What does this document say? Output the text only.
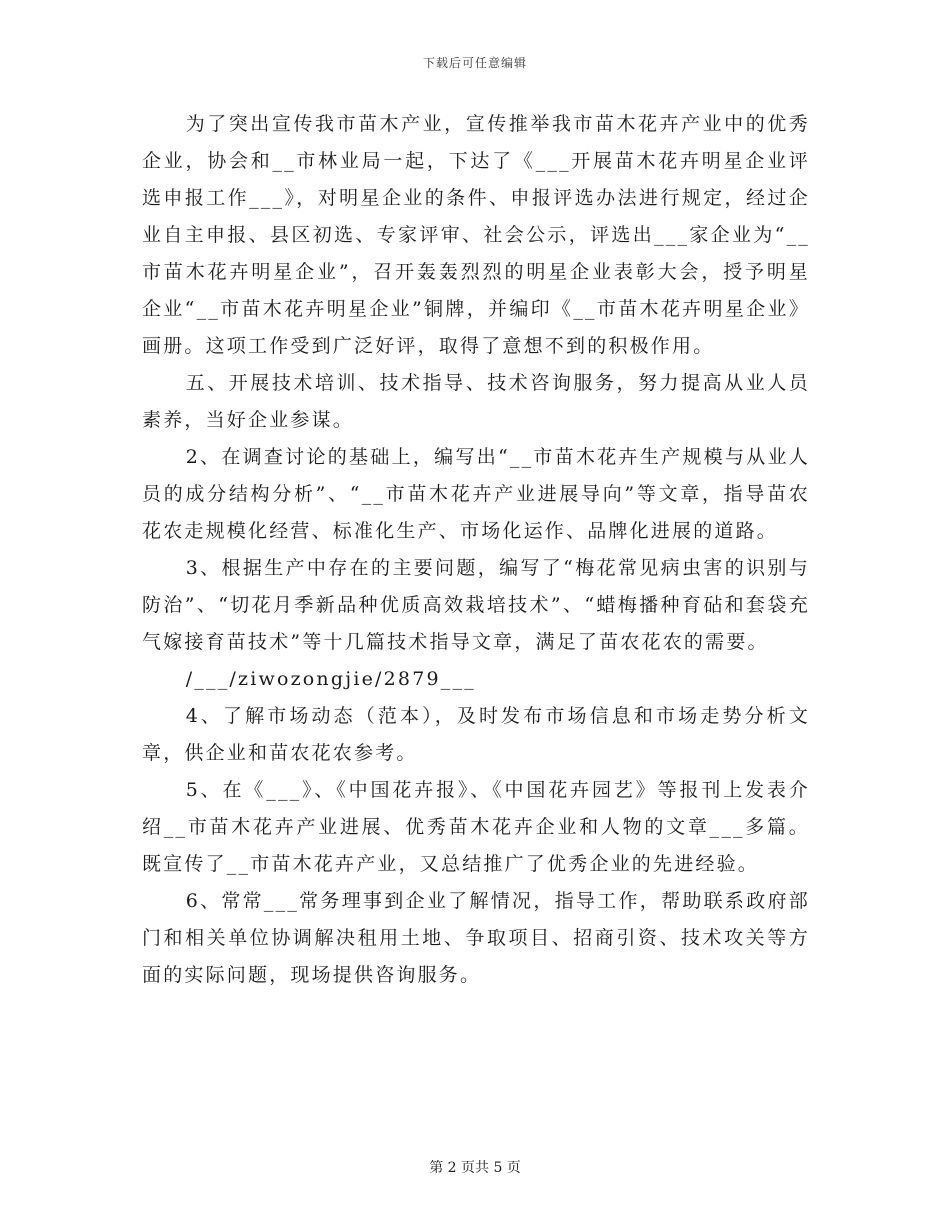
下载后可任意编辑

为了突出宣传我市苗木产业，宣传推举我市苗木花卉产业中的优秀企业，协会和__市林业局一起，下达了《___开展苗木花卉明星企业评选申报工作___》，对明星企业的条件、申报评选办法进行规定，经过企业自主申报、县区初选、专家评审、社会公示，评选出___家企业为“__市苗木花卉明星企业”，召开轰轰烈烈的明星企业表彰大会，授予明星企业“__市苗木花卉明星企业”铜牌，并编印《__市苗木花卉明星企业》画册。这项工作受到广泛好评，取得了意想不到的积极作用。

五、开展技术培训、技术指导、技术咨询服务，努力提高从业人员素养，当好企业参谋。

2、在调查讨论的基础上，编写出“__市苗木花卉生产规模与从业人员的成分结构分析”、“__市苗木花卉产业进展导向”等文章，指导苗农花农走规模化经营、标准化生产、市场化运作、品牌化进展的道路。

3、根据生产中存在的主要问题，编写了“梅花常见病虫害的识别与防治”、“切花月季新品种优质高效栽培技术”、“蜡梅播种育砧和套袋充气嫁接育苗技术”等十几篇技术指导文章，满足了苗农花农的需要。

/___/ziwozongjie/2879___

4、了解市场动态（范本），及时发布市场信息和市场走势分析文章，供企业和苗农花农参考。

5、在《___》、《中国花卉报》、《中国花卉园艺》等报刊上发表介绍__市苗木花卉产业进展、优秀苗木花卉企业和人物的文章___多篇。既宣传了__市苗木花卉产业，又总结推广了优秀企业的先进经验。

6、常常___常务理事到企业了解情况，指导工作，帮助联系政府部门和相关单位协调解决租用土地、争取项目、招商引资、技术攻关等方面的实际问题，现场提供咨询服务。

第 2 页共 5 页
